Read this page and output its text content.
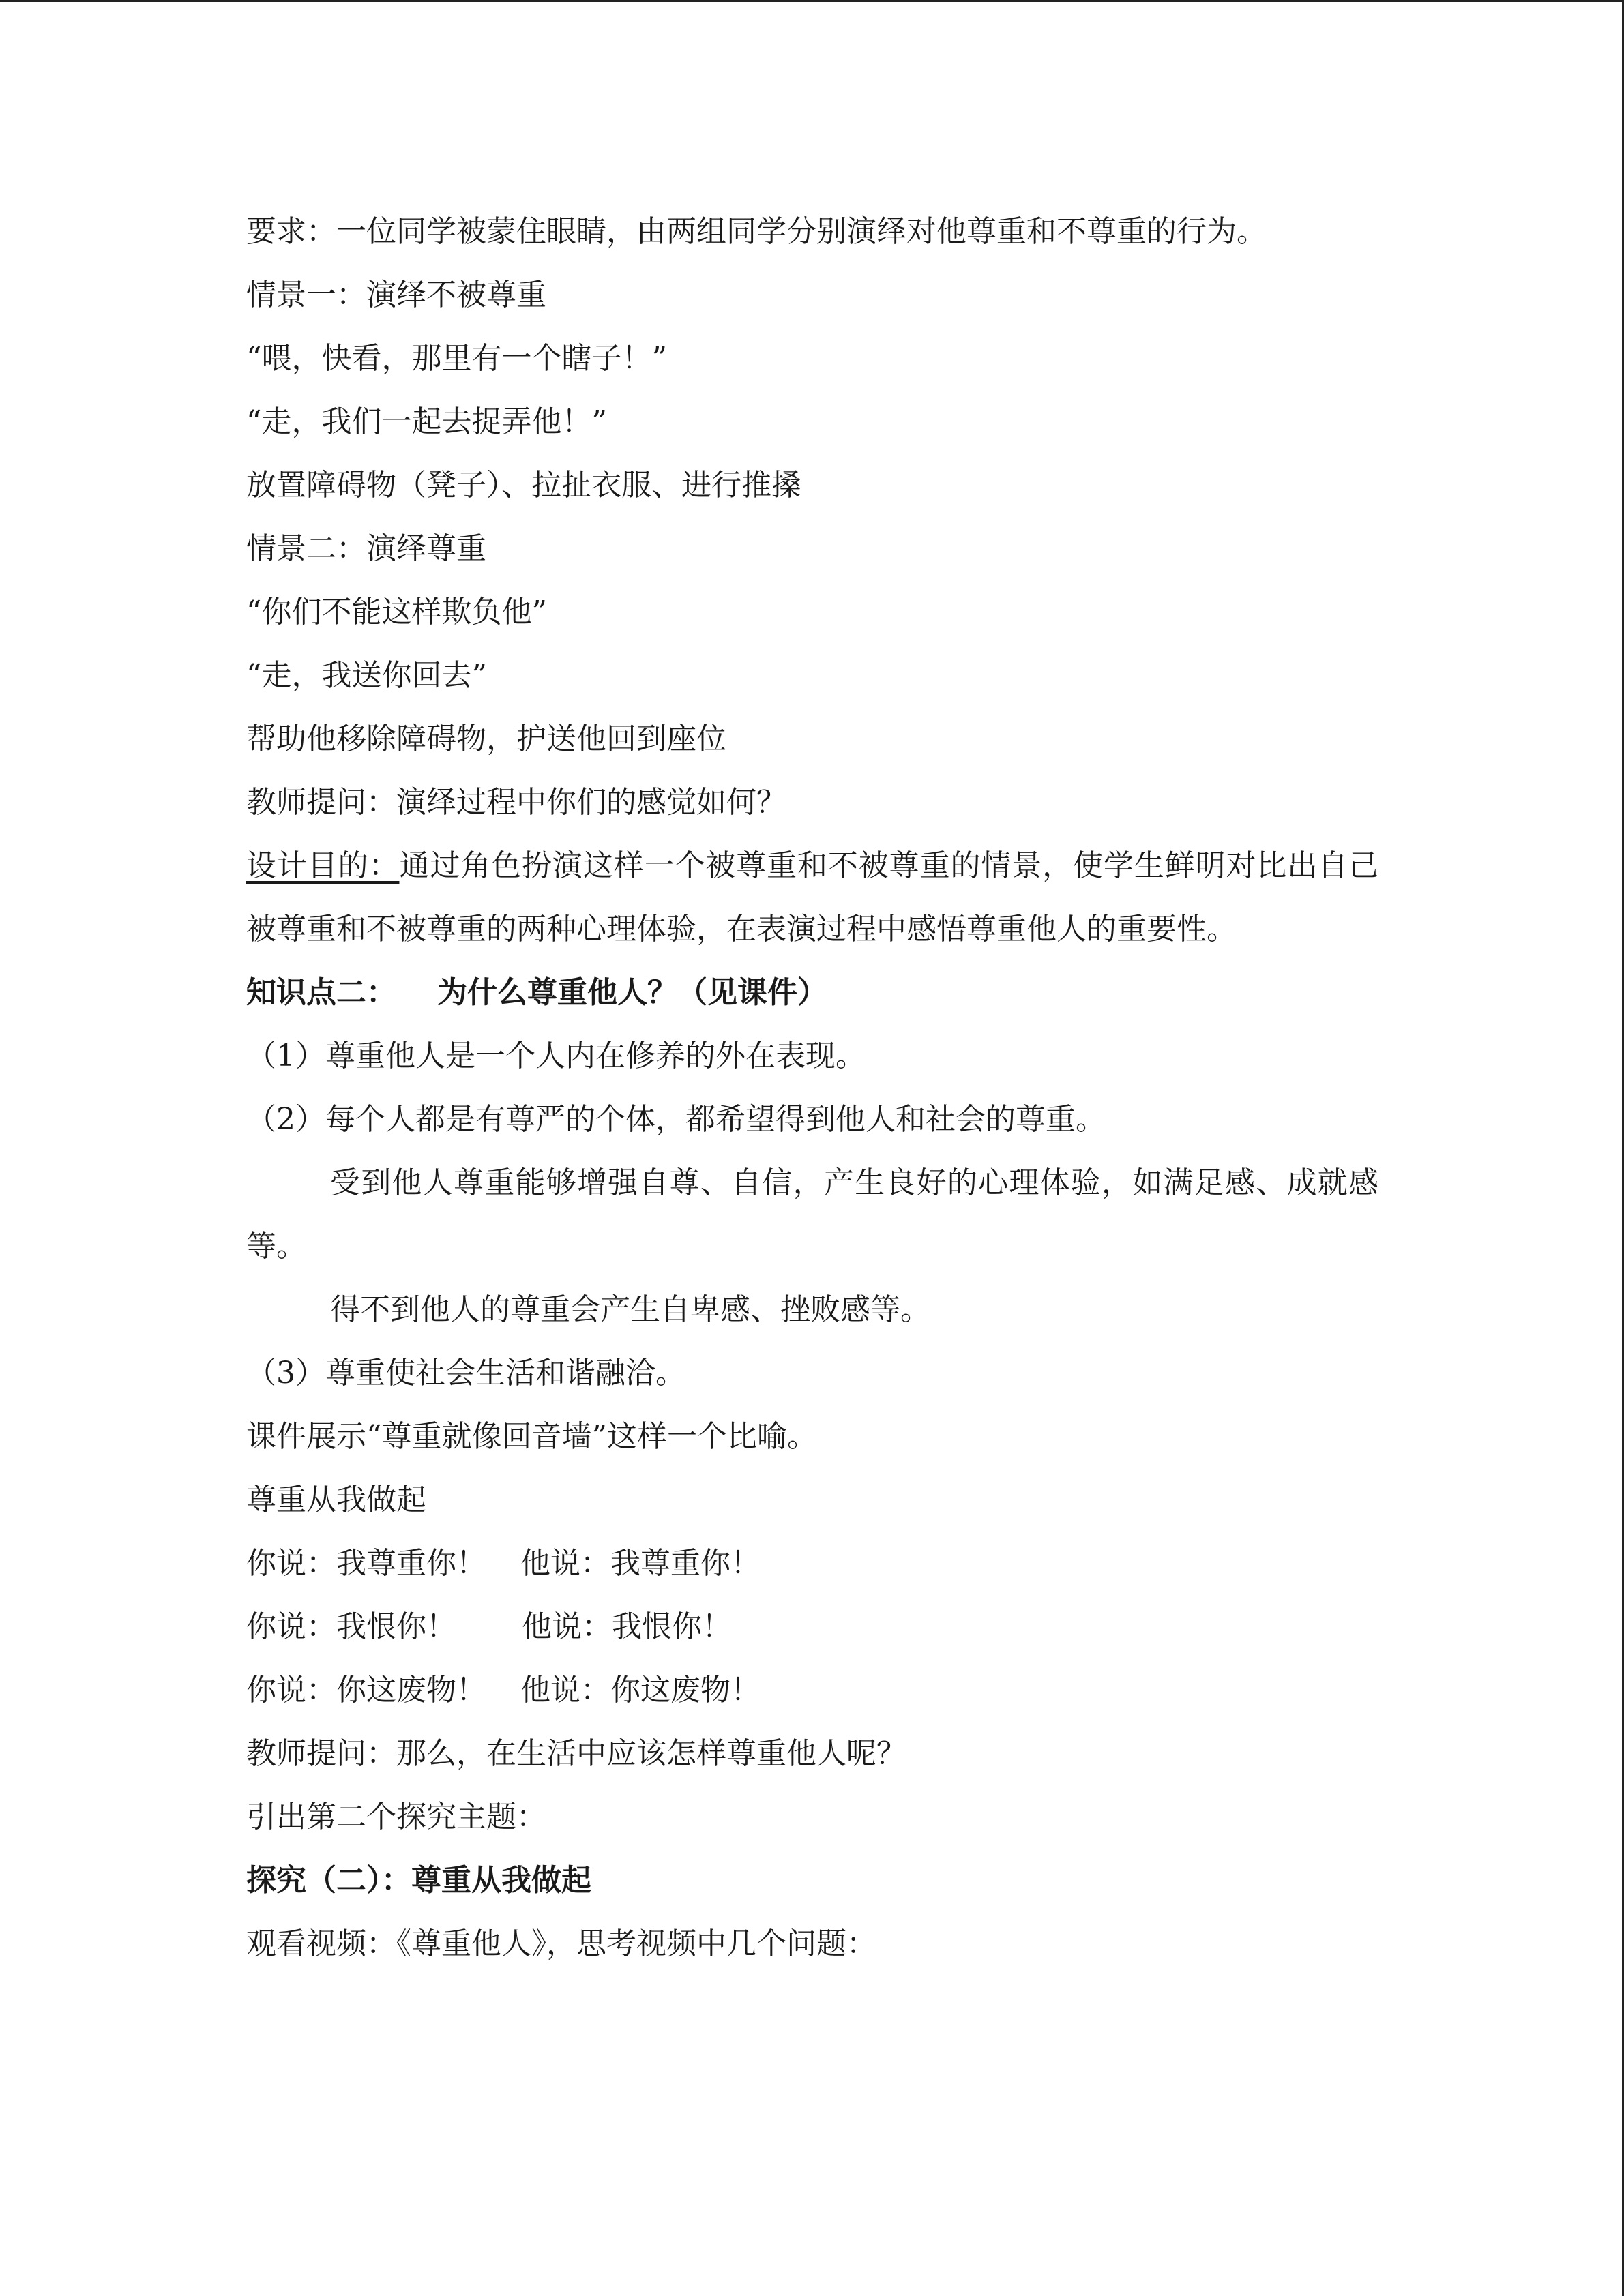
要求：一位同学被蒙住眼睛，由两组同学分别演绎对他尊重和不尊重的行为。
情景一：演绎不被尊重
“喂，快看，那里有一个瞎子！”
“走，我们一起去捉弄他！”
放置障碍物（凳子）、拉扯衣服、进行推搡
情景二：演绎尊重
“你们不能这样欺负他”
“走，我送你回去”
帮助他移除障碍物，护送他回到座位
教师提问：演绎过程中你们的感觉如何？
设计目的：通过角色扮演这样一个被尊重和不被尊重的情景，使学生鲜明对比出自己被尊重和不被尊重的两种心理体验，在表演过程中感悟尊重他人的重要性。
知识点二： 为什么尊重他人？（见课件）
（1）尊重他人是一个人内在修养的外在表现。
（2）每个人都是有尊严的个体，都希望得到他人和社会的尊重。
受到他人尊重能够增强自尊、自信，产生良好的心理体验，如满足感、成就感等。
得不到他人的尊重会产生自卑感、挫败感等。
（3）尊重使社会生活和谐融洽。
课件展示“尊重就像回音墙”这样一个比喻。
尊重从我做起
你说：我尊重你！ 他说：我尊重你！
你说：我恨你！ 他说：我恨你！
你说：你这废物！ 他说：你这废物！
教师提问：那么，在生活中应该怎样尊重他人呢？
引出第二个探究主题：
探究（二）：尊重从我做起
观看视频：《尊重他人》，思考视频中几个问题：
